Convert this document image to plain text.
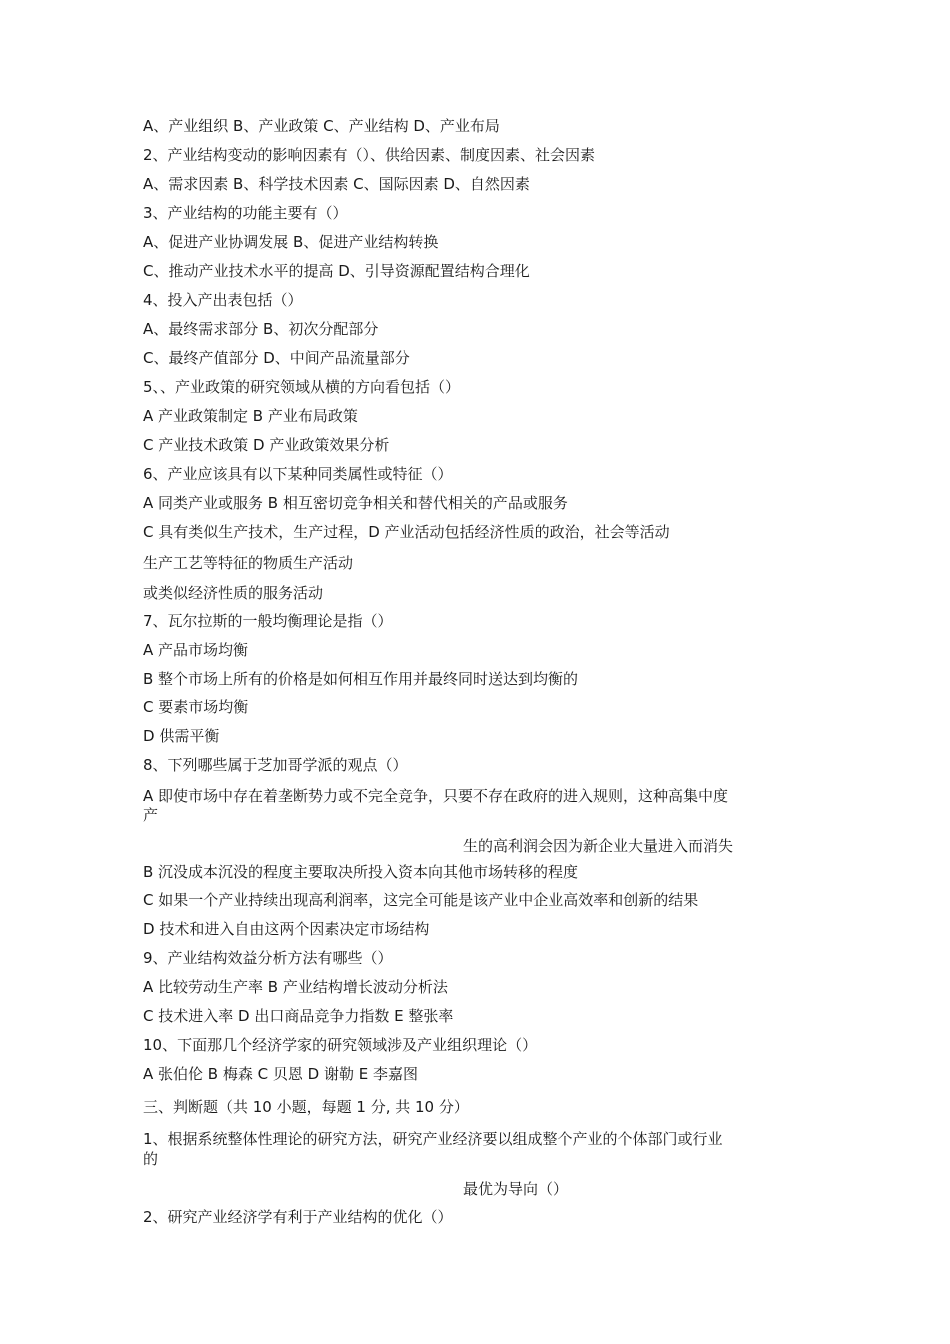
A、产业组织 B、产业政策 C、产业结构 D、产业布局
2、产业结构变动的影响因素有（）、供给因素、制度因素、社会因素
A、需求因素 B、科学技术因素 C、国际因素 D、自然因素
3、产业结构的功能主要有（）
A、促进产业协调发展 B、促进产业结构转换
C、推动产业技术水平的提高 D、引导资源配置结构合理化
4、投入产出表包括（）
A、最终需求部分 B、初次分配部分
C、最终产值部分 D、中间产品流量部分
5、、产业政策的研究领域从横的方向看包括（）
A 产业政策制定 B 产业布局政策
C 产业技术政策 D 产业政策效果分析
6、产业应该具有以下某种同类属性或特征（）
A 同类产业或服务 B 相互密切竞争相关和替代相关的产品或服务
C 具有类似生产技术，生产过程，D 产业活动包括经济性质的政治，社会等活动
生产工艺等特征的物质生产活动
或类似经济性质的服务活动
7、瓦尔拉斯的一般均衡理论是指（）
A 产品市场均衡
B 整个市场上所有的价格是如何相互作用并最终同时送达到均衡的
C 要素市场均衡
D 供需平衡
8、下列哪些属于芝加哥学派的观点（）
A 即使市场中存在着垄断势力或不完全竞争，只要不存在政府的进入规则，这种高集中度
产
生的高利润会因为新企业大量进入而消失
B 沉没成本沉没的程度主要取决所投入资本向其他市场转移的程度
C 如果一个产业持续出现高利润率，这完全可能是该产业中企业高效率和创新的结果
D 技术和进入自由这两个因素决定市场结构
9、产业结构效益分析方法有哪些（）
A 比较劳动生产率 B 产业结构增长波动分析法
C 技术进入率 D 出口商品竞争力指数 E 整张率
10、下面那几个经济学家的研究领域涉及产业组织理论（）
A 张伯伦 B 梅森 C 贝恩 D 谢勒 E 李嘉图
三、判断题（共 10 小题，每题 1 分, 共 10 分）
1、根据系统整体性理论的研究方法，研究产业经济要以组成整个产业的个体部门或行业
的
最优为导向（）
2、研究产业经济学有利于产业结构的优化（）
